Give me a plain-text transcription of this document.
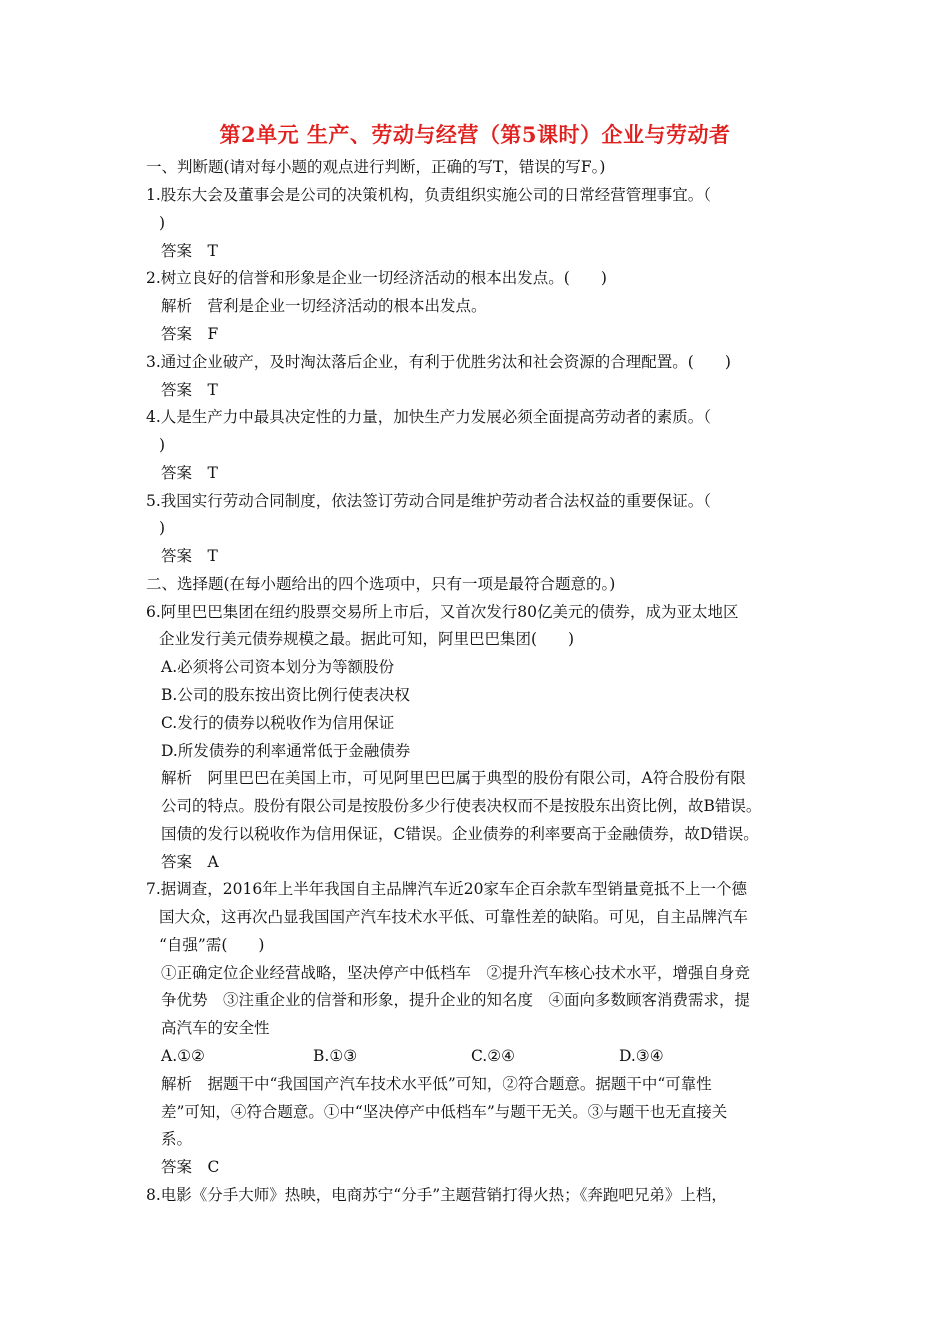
第2单元 生产、劳动与经营（第5课时）企业与劳动者
一、判断题(请对每小题的观点进行判断，正确的写T，错误的写F。)
1.股东大会及董事会是公司的决策机构，负责组织实施公司的日常经营管理事宜。（
)
答案　T
2.树立良好的信誉和形象是企业一切经济活动的根本出发点。(　　)
解析　营利是企业一切经济活动的根本出发点。
答案　F
3.通过企业破产，及时淘汰落后企业，有利于优胜劣汰和社会资源的合理配置。(　　)
答案　T
4.人是生产力中最具决定性的力量，加快生产力发展必须全面提高劳动者的素质。（
)
答案　T
5.我国实行劳动合同制度，依法签订劳动合同是维护劳动者合法权益的重要保证。（
)
答案　T
二、选择题(在每小题给出的四个选项中，只有一项是最符合题意的。)
6.阿里巴巴集团在纽约股票交易所上市后，又首次发行80亿美元的债券，成为亚太地区
企业发行美元债券规模之最。据此可知，阿里巴巴集团(　　)
A.必须将公司资本划分为等额股份
B.公司的股东按出资比例行使表决权
C.发行的债券以税收作为信用保证
D.所发债券的利率通常低于金融债券
解析　阿里巴巴在美国上市，可见阿里巴巴属于典型的股份有限公司，A符合股份有限
公司的特点。股份有限公司是按股份多少行使表决权而不是按股东出资比例，故B错误。
国债的发行以税收作为信用保证，C错误。企业债券的利率要高于金融债券，故D错误。
答案　A
7.据调查，2016年上半年我国自主品牌汽车近20家车企百余款车型销量竟抵不上一个德
国大众，这再次凸显我国国产汽车技术水平低、可靠性差的缺陷。可见，自主品牌汽车
“自强”需(　　)
①正确定位企业经营战略，坚决停产中低档车　②提升汽车核心技术水平，增强自身竞
争优势　③注重企业的信誉和形象，提升企业的知名度　④面向多数顾客消费需求，提
高汽车的安全性
A.①②	B.①③	C.②④	D.③④
解析　据题干中“我国国产汽车技术水平低”可知，②符合题意。据题干中“可靠性
差”可知，④符合题意。①中“坚决停产中低档车”与题干无关。③与题干也无直接关
系。
答案　C
8.电影《分手大师》热映，电商苏宁“分手”主题营销打得火热；《奔跑吧兄弟》上档，
